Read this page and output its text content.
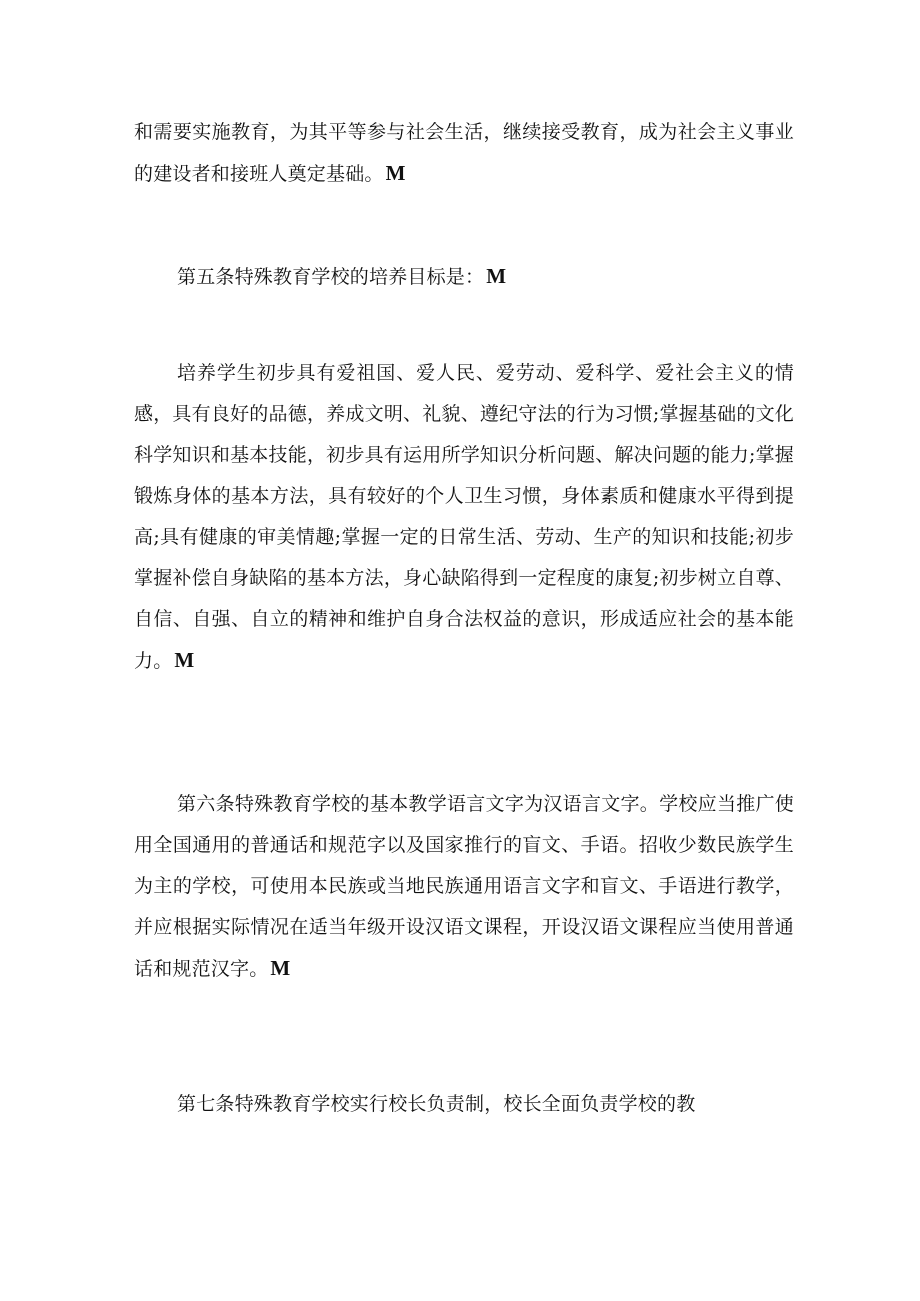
和需要实施教育，为其平等参与社会生活，继续接受教育，成为社会主义事业的建设者和接班人奠定基础。M

第五条特殊教育学校的培养目标是：M

培养学生初步具有爱祖国、爱人民、爱劳动、爱科学、爱社会主义的情感，具有良好的品德，养成文明、礼貌、遵纪守法的行为习惯;掌握基础的文化科学知识和基本技能，初步具有运用所学知识分析问题、解决问题的能力;掌握锻炼身体的基本方法，具有较好的个人卫生习惯，身体素质和健康水平得到提高;具有健康的审美情趣;掌握一定的日常生活、劳动、生产的知识和技能;初步掌握补偿自身缺陷的基本方法，身心缺陷得到一定程度的康复;初步树立自尊、自信、自强、自立的精神和维护自身合法权益的意识，形成适应社会的基本能力。M

第六条特殊教育学校的基本教学语言文字为汉语言文字。学校应当推广使用全国通用的普通话和规范字以及国家推行的盲文、手语。招收少数民族学生为主的学校，可使用本民族或当地民族通用语言文字和盲文、手语进行教学，并应根据实际情况在适当年级开设汉语文课程，开设汉语文课程应当使用普通话和规范汉字。M

第七条特殊教育学校实行校长负责制，校长全面负责学校的教
